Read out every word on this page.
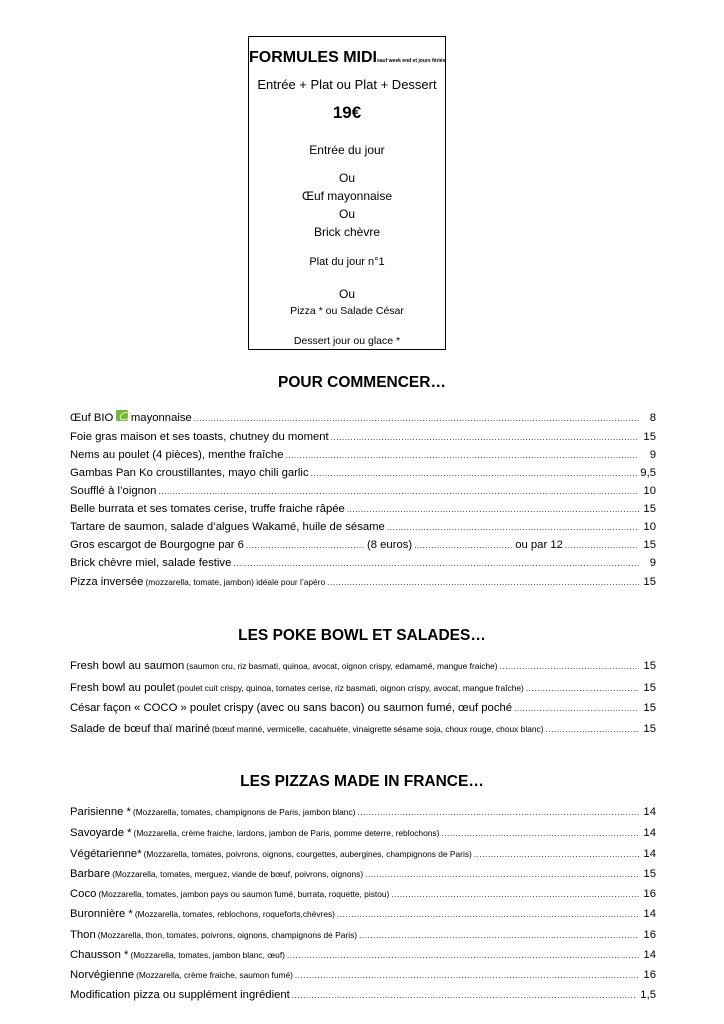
FORMULES MIDIsauf week end et jours fériés
Entrée + Plat ou Plat + Dessert
19€
Entrée du jour
Ou
Œuf mayonnaise
Ou
Brick chèvre
Plat du jour n°1
Ou
Pizza * ou Salade César
Dessert jour ou glace *
POUR COMMENCER…
Œuf BIO mayonnaise .....	8
Foie gras maison et ses toasts, chutney du moment .....	15
Nems au poulet (4 pièces), menthe fraîche .....	9
Gambas Pan Ko croustillantes, mayo chili garlic .....	9,5
Soufflé à l’oignon .....	10
Belle burrata et ses tomates cerise, truffe fraiche râpée .....	15
Tartare de saumon, salade d’algues Wakamé, huile de sésame .....	10
Gros escargot de Bourgogne par 6 .....	(8 euros) .....	ou par 12 .....	15
Brick chèvre miel, salade festive .....	9
Pizza inversée (mozzarella, tomate, jambon) idéale pour l’apéro .....	15
LES POKE BOWL ET SALADES…
Fresh bowl au saumon (saumon cru, riz basmati, quinoa, avocat, oignon crispy, edamamé, mangue fraiche) .....	15
Fresh bowl au poulet (poulet cuit crispy, quinoa, tomates cerise, riz basmati, oignon crispy, avocat, mangue fraîche) .....	15
César façon « COCO » poulet crispy (avec ou sans bacon) ou saumon fumé, œuf poché .....	15
Salade de bœuf thaï mariné (bœuf mariné, vermicelle, cacahuète, vinaigrette sésame soja, choux rouge, choux blanc) .....	15
LES PIZZAS MADE IN FRANCE…
Parisienne * (Mozzarella, tomates, champignons de Paris, jambon blanc) .....	14
Savoyarde * (Mozzarella, crème fraiche, lardons, jambon de Paris, pomme deterre, reblochons) .....	14
Végétarienne* (Mozzarella, tomates, poivrons, oignons, courgettes, aubergines, champignons de Paris) .....	14
Barbare (Mozzarella, tomates, merguez, viande de bœuf, poivrons, oignons) .....	15
Coco (Mozzarella, tomates, jambon pays ou saumon fumé, burrata, roquette, pistou) .....	16
Buronnière * (Mozzarella, tomates, reblochons, roqueforts,chèvres) .....	14
Thon (Mozzarella, thon, tomates, poivrons, oignons, champignons de Paris) .....	16
Chausson * (Mozzarella, tomates, jambon blanc, œuf) .....	14
Norvégienne (Mozzarella, crème fraiche, saumon fumé) .....	16
Modification pizza ou supplément ingrédient .....	1,5
